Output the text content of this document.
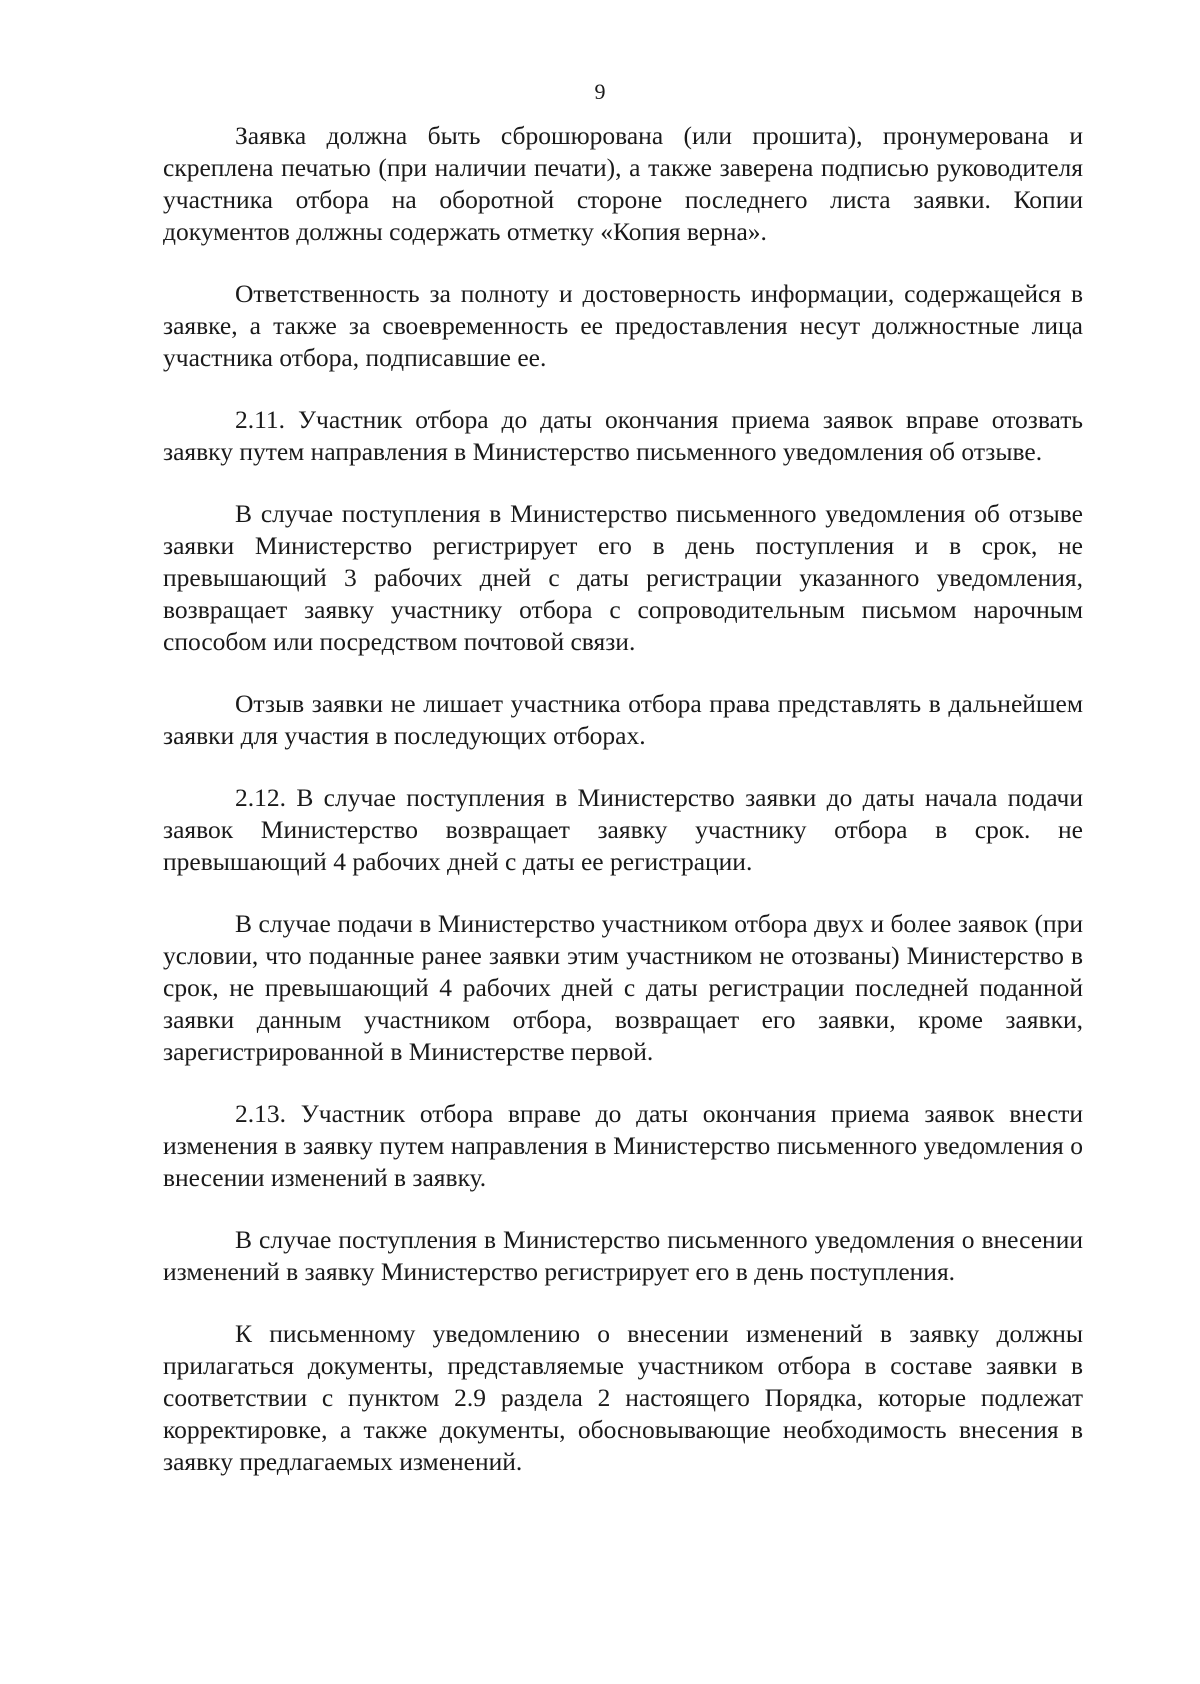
9

Заявка должна быть сброшюрована (или прошита), пронумерована и скреплена печатью (при наличии печати), а также заверена подписью руководителя участника отбора на оборотной стороне последнего листа заявки. Копии документов должны содержать отметку «Копия верна».

Ответственность за полноту и достоверность информации, содержащейся в заявке, а также за своевременность ее предоставления несут должностные лица участника отбора, подписавшие ее.

2.11. Участник отбора до даты окончания приема заявок вправе отозвать заявку путем направления в Министерство письменного уведомления об отзыве.

В случае поступления в Министерство письменного уведомления об отзыве заявки Министерство регистрирует его в день поступления и в срок, не превышающий 3 рабочих дней с даты регистрации указанного уведомления, возвращает заявку участнику отбора с сопроводительным письмом нарочным способом или посредством почтовой связи.

Отзыв заявки не лишает участника отбора права представлять в дальнейшем заявки для участия в последующих отборах.

2.12. В случае поступления в Министерство заявки до даты начала подачи заявок Министерство возвращает заявку участнику отбора в срок. не превышающий 4 рабочих дней с даты ее регистрации.

В случае подачи в Министерство участником отбора двух и более заявок (при условии, что поданные ранее заявки этим участником не отозваны) Министерство в срок, не превышающий 4 рабочих дней с даты регистрации последней поданной заявки данным участником отбора, возвращает его заявки, кроме заявки, зарегистрированной в Министерстве первой.

2.13. Участник отбора вправе до даты окончания приема заявок внести изменения в заявку путем направления в Министерство письменного уведомления о внесении изменений в заявку.

В случае поступления в Министерство письменного уведомления о внесении изменений в заявку Министерство регистрирует его в день поступления.

К письменному уведомлению о внесении изменений в заявку должны прилагаться документы, представляемые участником отбора в составе заявки в соответствии с пунктом 2.9 раздела 2 настоящего Порядка, которые подлежат корректировке, а также документы, обосновывающие необходимость внесения в заявку предлагаемых изменений.
